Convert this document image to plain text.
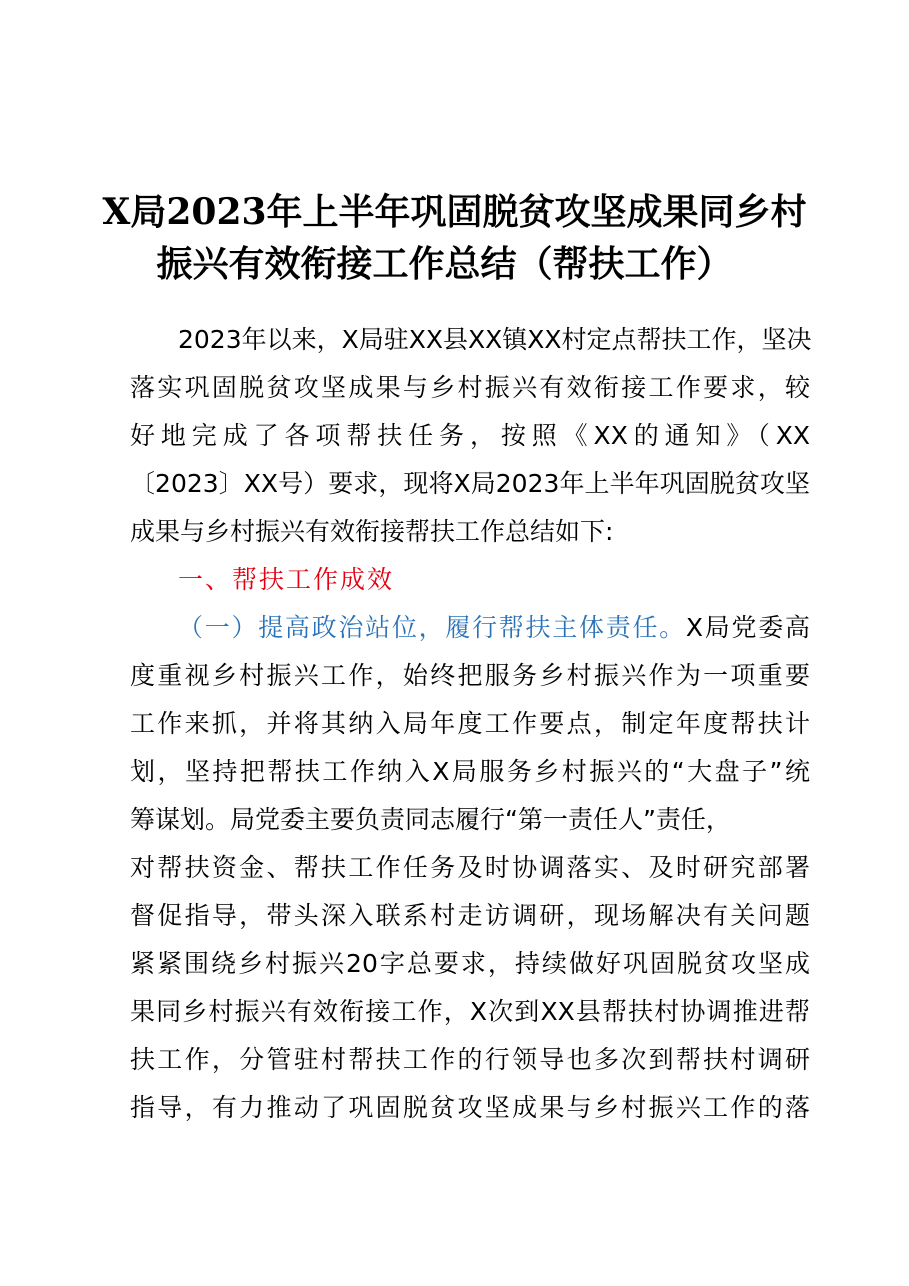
X局2023年上半年巩固脱贫攻坚成果同乡村
振兴有效衔接工作总结（帮扶工作）
2023年以来，X局驻XX县XX镇XX村定点帮扶工作，坚决
落实巩固脱贫攻坚成果与乡村振兴有效衔接工作要求，较
好地完成了各项帮扶任务，按照《XX的通知》（XX
〔2023〕XX号）要求，现将X局2023年上半年巩固脱贫攻坚
成果与乡村振兴有效衔接帮扶工作总结如下:
一、帮扶工作成效
（一）提高政治站位，履行帮扶主体责任。X局党委高
度重视乡村振兴工作，始终把服务乡村振兴作为一项重要
工作来抓，并将其纳入局年度工作要点，制定年度帮扶计
划，坚持把帮扶工作纳入X局服务乡村振兴的“大盘子”统
筹谋划。局党委主要负责同志履行“第一责任人”责任，
对帮扶资金、帮扶工作任务及时协调落实、及时研究部署
督促指导，带头深入联系村走访调研，现场解决有关问题
紧紧围绕乡村振兴20字总要求，持续做好巩固脱贫攻坚成
果同乡村振兴有效衔接工作，X次到XX县帮扶村协调推进帮
扶工作，分管驻村帮扶工作的行领导也多次到帮扶村调研
指导，有力推动了巩固脱贫攻坚成果与乡村振兴工作的落
